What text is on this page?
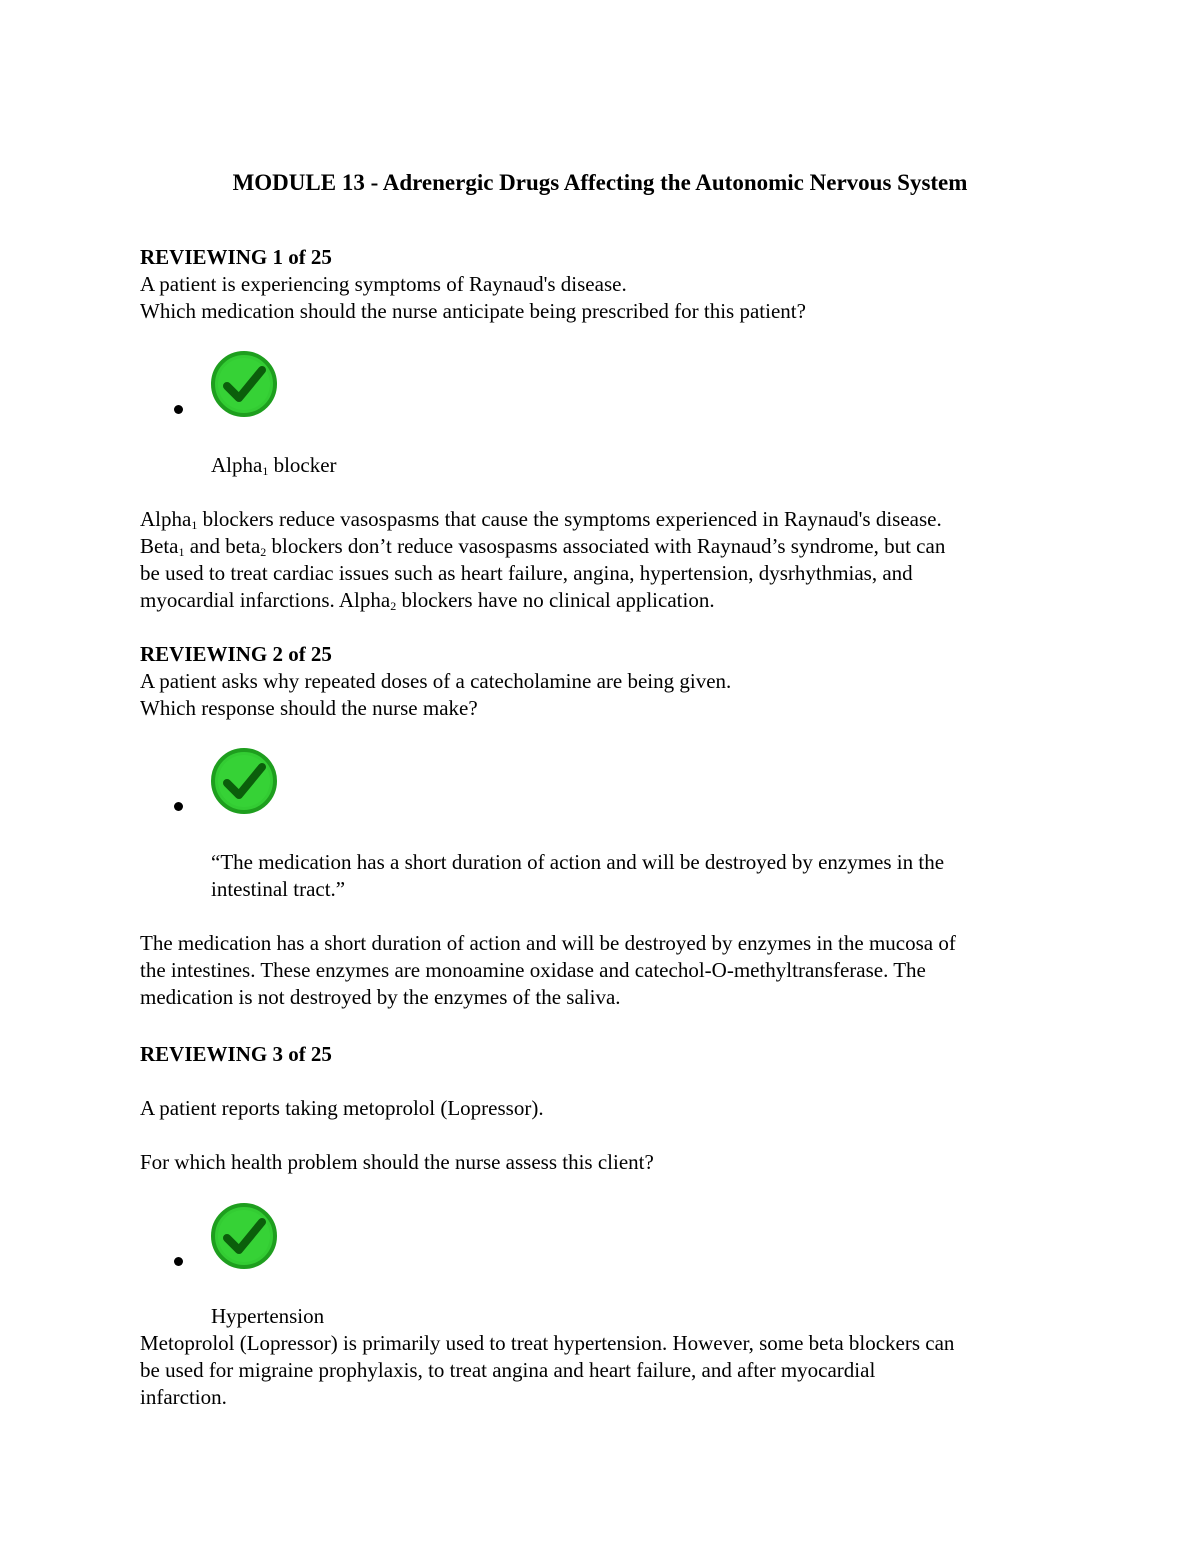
MODULE 13 - Adrenergic Drugs Affecting the Autonomic Nervous System
REVIEWING 1 of 25
A patient is experiencing symptoms of Raynaud's disease.
Which medication should the nurse anticipate being prescribed for this patient?
Alpha$_1$ blocker
Alpha$_1$ blockers reduce vasospasms that cause the symptoms experienced in Raynaud's disease.
Beta$_1$ and beta$_2$ blockers don’t reduce vasospasms associated with Raynaud’s syndrome, but can
be used to treat cardiac issues such as heart failure, angina, hypertension, dysrhythmias, and
myocardial infarctions. Alpha$_2$ blockers have no clinical application.
REVIEWING 2 of 25
A patient asks why repeated doses of a catecholamine are being given.
Which response should the nurse make?
“The medication has a short duration of action and will be destroyed by enzymes in the
intestinal tract.”
The medication has a short duration of action and will be destroyed by enzymes in the mucosa of
the intestines. These enzymes are monoamine oxidase and catechol-O-methyltransferase. The
medication is not destroyed by the enzymes of the saliva.
REVIEWING 3 of 25
A patient reports taking metoprolol (Lopressor).
For which health problem should the nurse assess this client?
Hypertension
Metoprolol (Lopressor) is primarily used to treat hypertension. However, some beta blockers can
be used for migraine prophylaxis, to treat angina and heart failure, and after myocardial
infarction.
